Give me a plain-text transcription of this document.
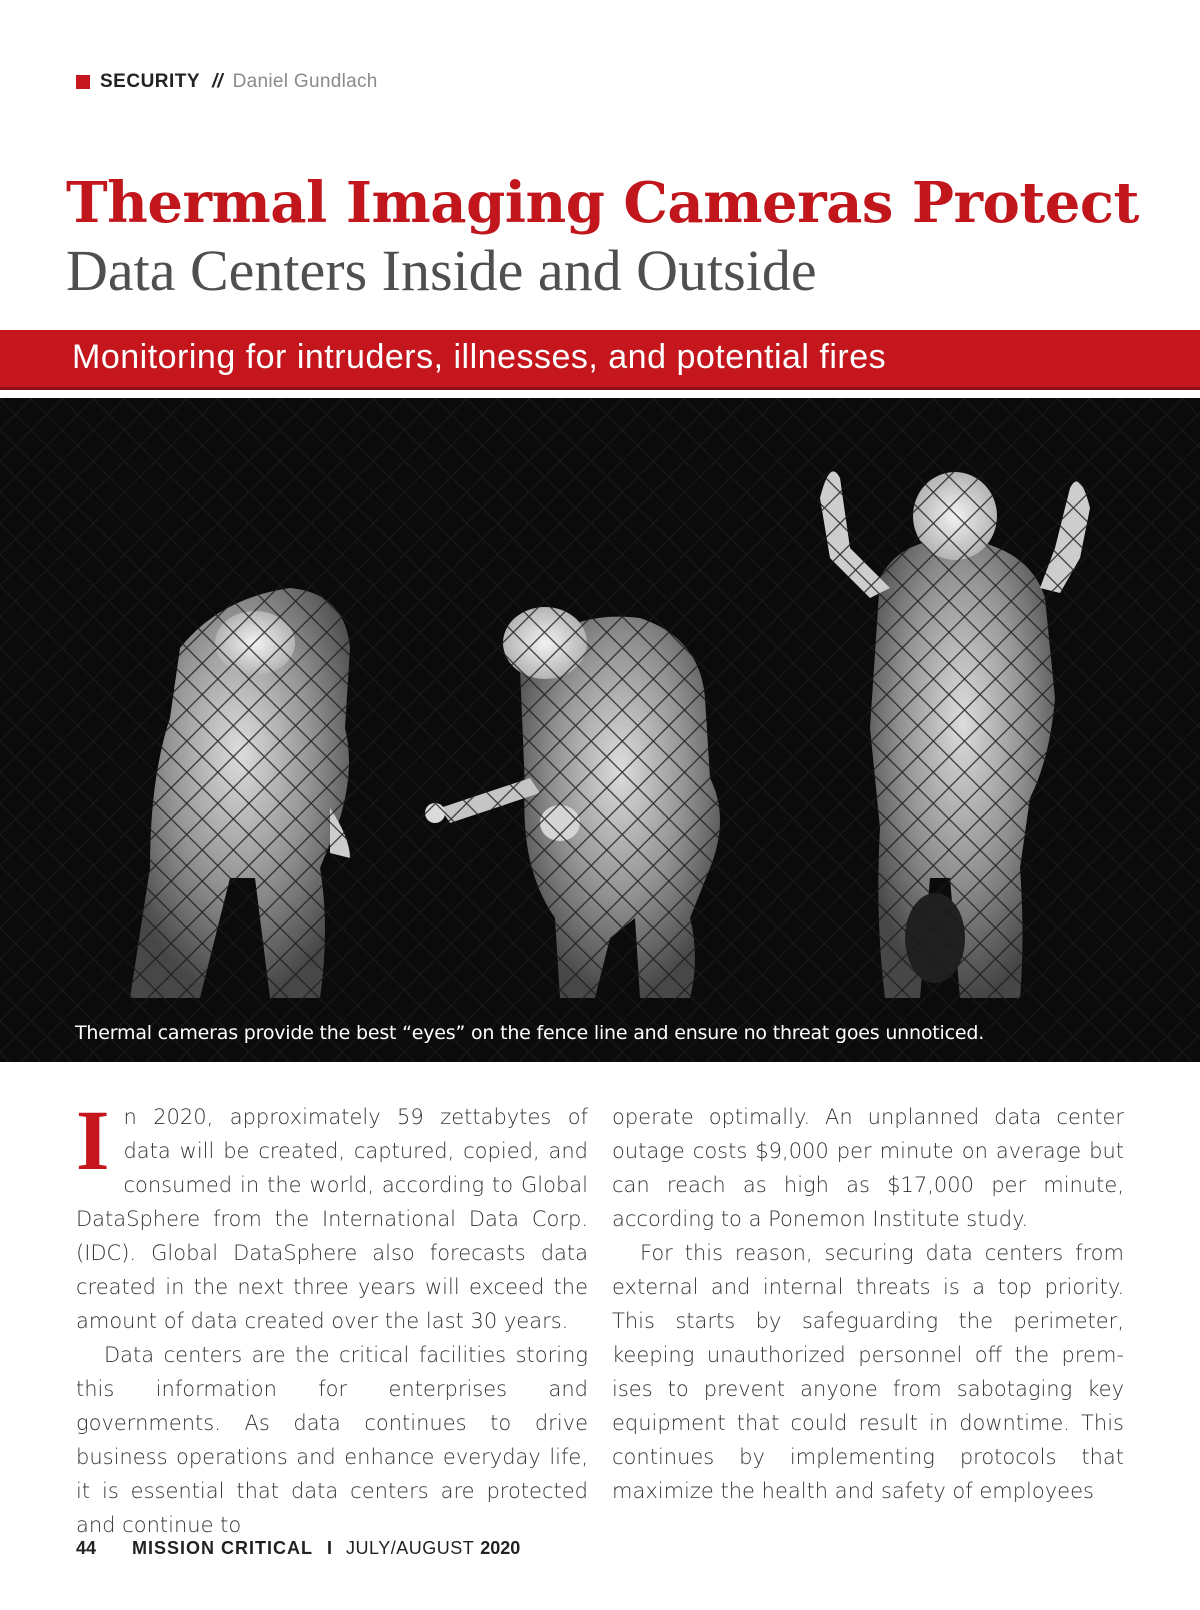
SECURITY // Daniel Gundlach
Thermal Imaging Cameras Protect
Data Centers Inside and Outside
Monitoring for intruders, illnesses, and potential fires
Thermal cameras provide the best “eyes” on the fence line and ensure no threat goes unnoticed.

In 2020, approximately 59 zettabytes of data will be created, captured, copied, and consumed in the world, according to Global DataSphere from the International Data Corp. (IDC). Global DataSphere also forecasts data created in the next three years will exceed the amount of data created over the last 30 years.

Data centers are the critical facilities storing this information for enterprises and governments. As data continues to drive business operations and enhance everyday life, it is essential that data centers are protected and continue to

operate optimally. An unplanned data center outage costs $9,000 per minute on average but can reach as high as $17,000 per minute, according to a Ponemon Institute study.

For this reason, securing data centers from external and internal threats is a top priority. This starts by safeguarding the perimeter, keeping unauthorized personnel off the premises to prevent anyone from sabotaging key equipment that could result in downtime. This continues by implementing protocols that maximize the health and safety of employees

44 MISSION CRITICAL I JULY/AUGUST 2020
